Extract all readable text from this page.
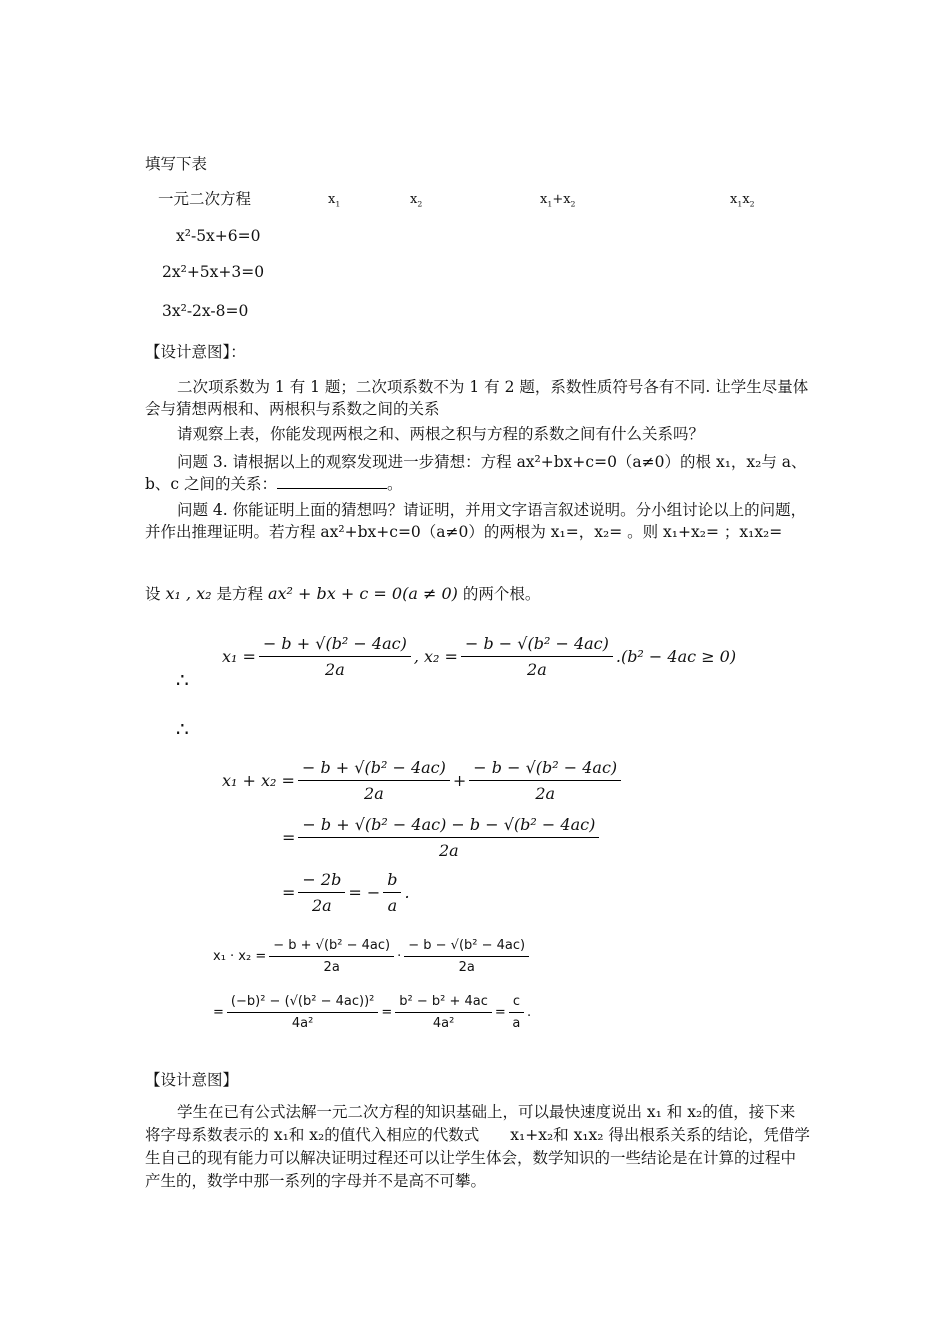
填写下表
一元二次方程	$x_1$	$x_2$	$x_1+x_2$	$x_1x_2$
x²-5x+6=0
2x²+5x+3=0
3x²-2x-8=0
【设计意图】：
二次项系数为 1 有 1 题；二次项系数不为 1 有 2 题，系数性质符号各有不同. 让学生尽量体会与猜想两根和、两根积与系数之间的关系
请观察上表，你能发现两根之和、两根之积与方程的系数之间有什么关系吗？
问题 3. 请根据以上的观察发现进一步猜想：方程 ax²+bx+c=0（a≠0）的根 x₁，x₂与 a、b、c 之间的关系：	。
问题 4. 你能证明上面的猜想吗？请证明，并用文字语言叙述说明。分小组讨论以上的问题，并作出推理证明。若方程 ax²+bx+c=0（a≠0）的两根为 x₁=，x₂= 。则 x₁+x₂= ；x₁x₂=
设 x₁ , x₂ 是方程 ax² + bx + c = 0(a ≠ 0) 的两个根。
∴
$x_1 = \frac{\text{− b + √(b² − 4ac)}}{2a}$ , $x_2 = \frac{\text{− b − √(b² − 4ac)}}{2a} .(b^2 - 4ac \ge 0)$
∴
$x_1 + x_2 = \frac{\text{− b + √(b² − 4ac)}}{2a} + \frac{\text{− b − √(b² − 4ac)}}{2a}$
= $\frac{\text{− b + √(b² − 4ac) − b − √(b² − 4ac)}}{2a}$
= $\frac{- 2b}{2a}$ = − $\frac{b}{a}$ .
$x_1 \cdot x_2 = \frac{\text{− b + √(b² − 4ac)}}{2a} \cdot \frac{\text{− b − √(b² − 4ac)}}{2a}$
= $\frac{\text{(−b)² − (√(b² − 4ac))²}}{\text{4a²}} = \frac{\text{b² − b² + 4ac}}{\text{4a²}} = \frac{c}{a}$ .
【设计意图】
学生在已有公式法解一元二次方程的知识基础上，可以最快速度说出 x₁ 和 x₂的值，接下来将字母系数表示的 x₁和 x₂的值代入相应的代数式　　x₁+x₂和 x₁x₂ 得出根系关系的结论，凭借学生自己的现有能力可以解决证明过程还可以让学生体会，数学知识的一些结论是在计算的过程中产生的，数学中那一系列的字母并不是高不可攀。
